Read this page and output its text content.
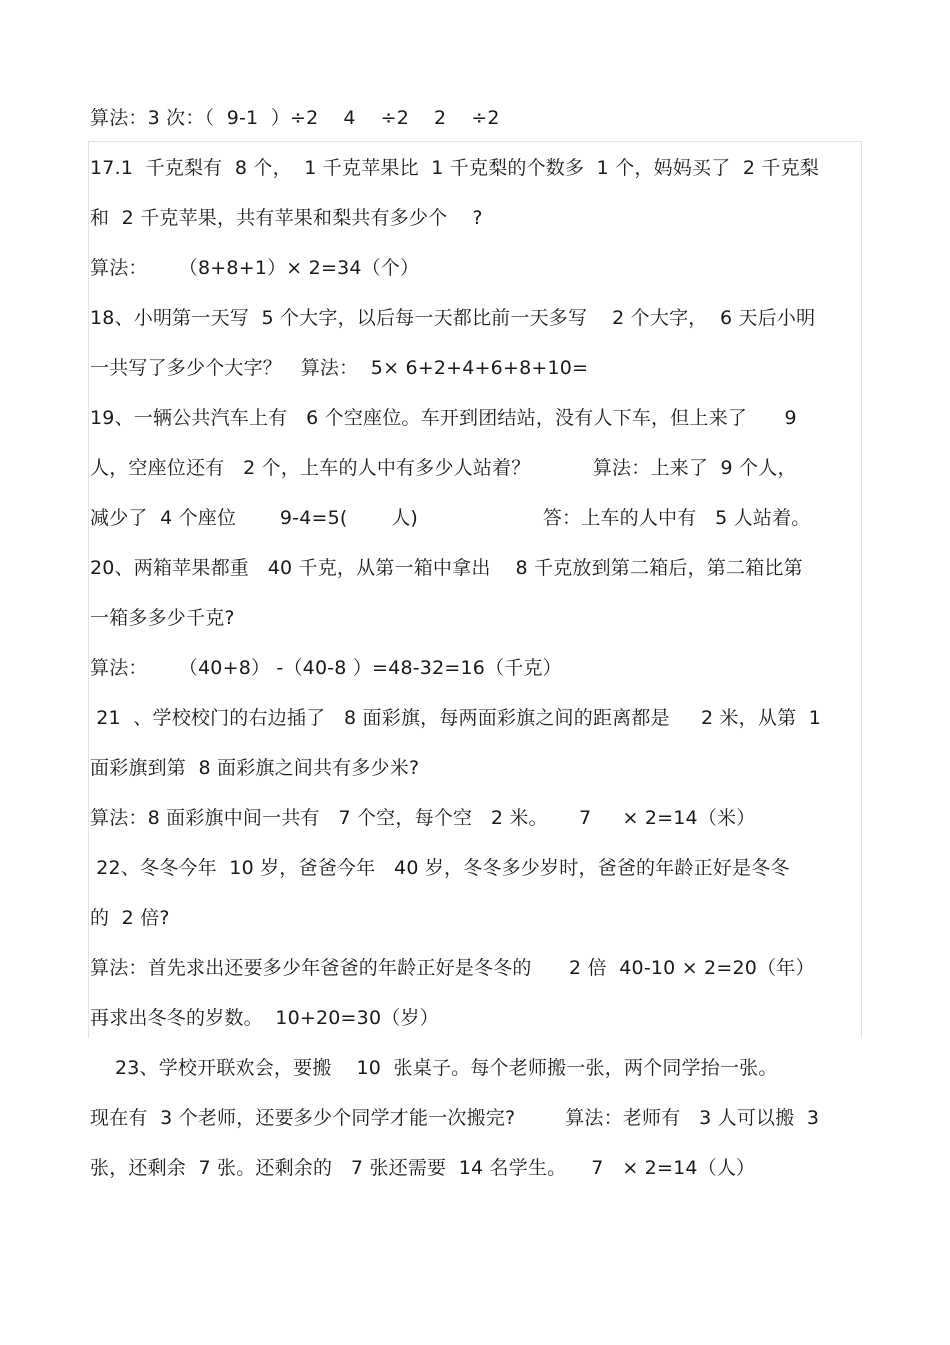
算法：3 次：（  9-1  ）÷2    4    ÷2    2    ÷2
17.1  千克梨有  8 个，  1 千克苹果比  1 千克梨的个数多  1 个，妈妈买了  2 千克梨
和  2 千克苹果，共有苹果和梨共有多少个    ?
算法：     （8+8+1）× 2=34（个）
18、小明第一天写  5 个大字，以后每一天都比前一天多写    2 个大字，  6 天后小明
一共写了多少个大字？   算法：  5× 6+2+4+6+8+10=
19、一辆公共汽车上有   6 个空座位。车开到团结站，没有人下车，但上来了      9
人，空座位还有   2 个，上车的人中有多少人站着？          算法：上来了  9 个人，
减少了  4 个座位       9-4=5(       人)                    答：上车的人中有   5 人站着。
20、两箱苹果都重   40 千克，从第一箱中拿出    8 千克放到第二箱后，第二箱比第
一箱多多少千克?
算法：     （40+8） -（40-8 ）=48-32=16（千克）
21  、学校校门的右边插了   8 面彩旗，每两面彩旗之间的距离都是     2 米，从第  1
面彩旗到第  8 面彩旗之间共有多少米?
算法：8 面彩旗中间一共有   7 个空，每个空   2 米。     7     × 2=14（米）
22、冬冬今年  10 岁，爸爸今年   40 岁，冬冬多少岁时，爸爸的年龄正好是冬冬
的  2 倍?
算法：首先求出还要多少年爸爸的年龄正好是冬冬的      2 倍  40-10 × 2=20（年）
再求出冬冬的岁数。  10+20=30（岁）
23、学校开联欢会，要搬    10  张桌子。每个老师搬一张，两个同学抬一张。
现在有  3 个老师，还要多少个同学才能一次搬完?        算法：老师有   3 人可以搬  3
张，还剩余  7 张。还剩余的   7 张还需要  14 名学生。    7   × 2=14（人）
